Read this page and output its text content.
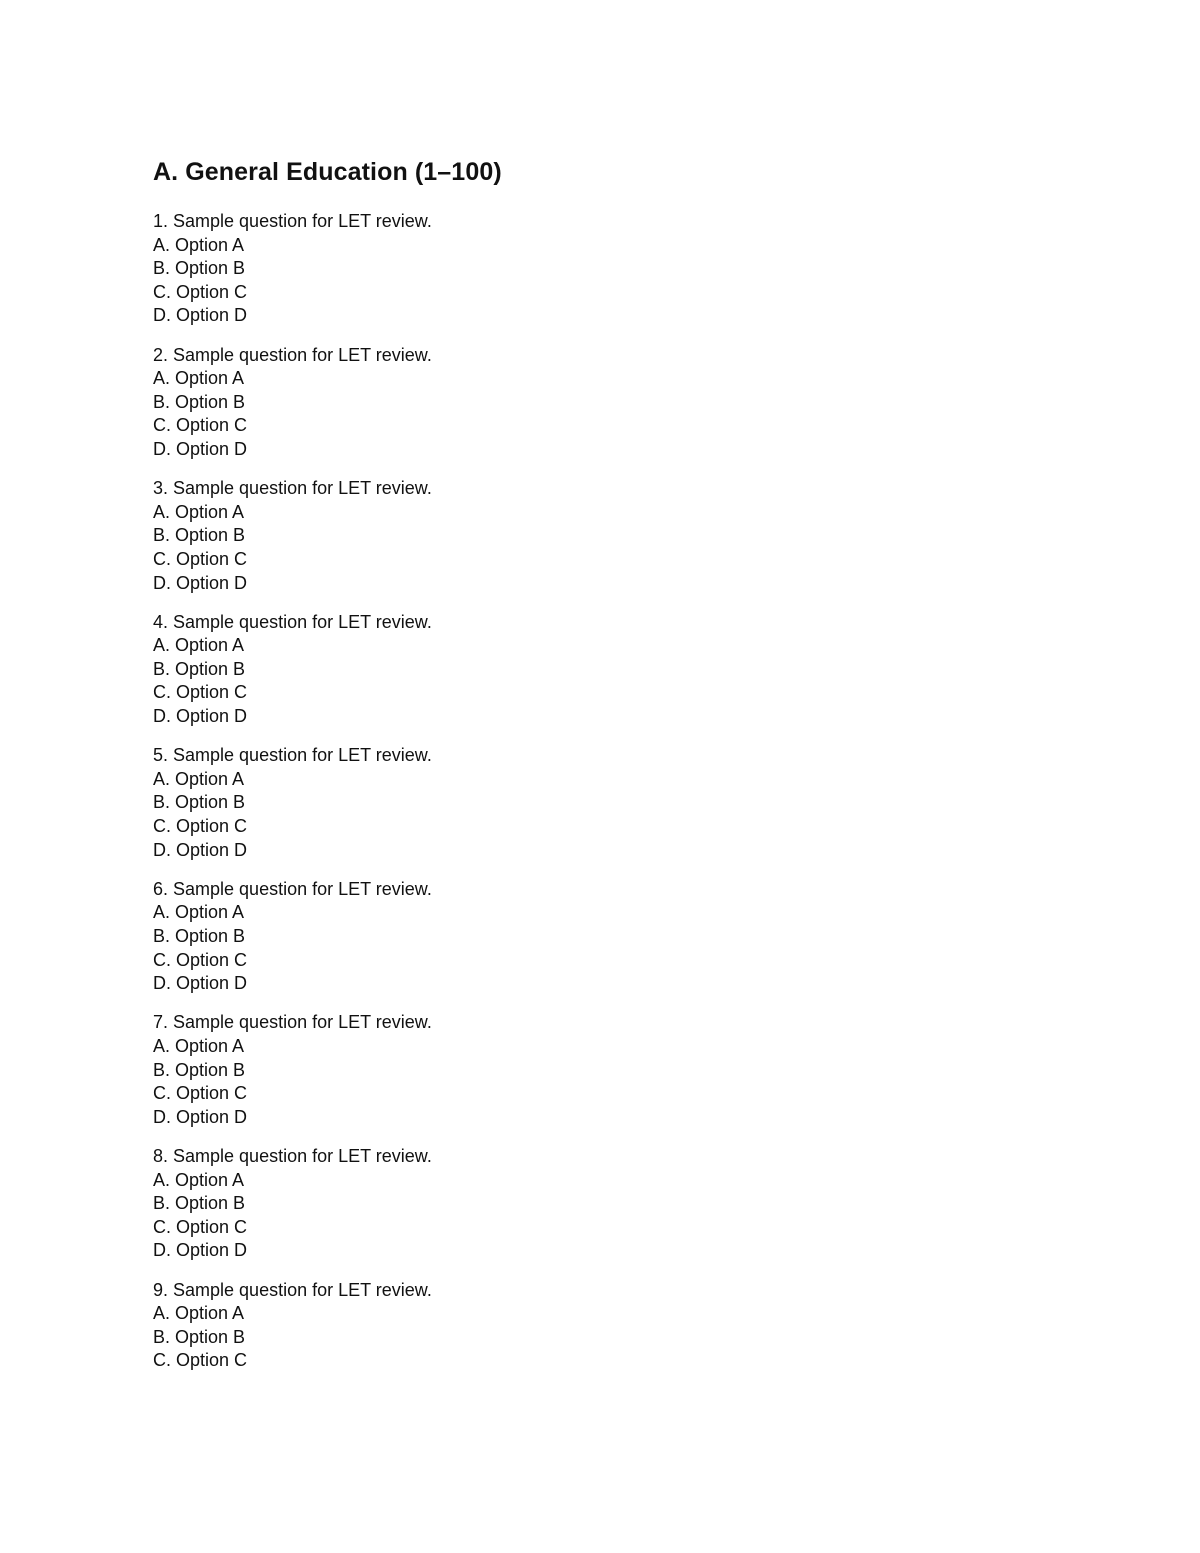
A. General Education (1–100)
1. Sample question for LET review.
A. Option A
B. Option B
C. Option C
D. Option D
2. Sample question for LET review.
A. Option A
B. Option B
C. Option C
D. Option D
3. Sample question for LET review.
A. Option A
B. Option B
C. Option C
D. Option D
4. Sample question for LET review.
A. Option A
B. Option B
C. Option C
D. Option D
5. Sample question for LET review.
A. Option A
B. Option B
C. Option C
D. Option D
6. Sample question for LET review.
A. Option A
B. Option B
C. Option C
D. Option D
7. Sample question for LET review.
A. Option A
B. Option B
C. Option C
D. Option D
8. Sample question for LET review.
A. Option A
B. Option B
C. Option C
D. Option D
9. Sample question for LET review.
A. Option A
B. Option B
C. Option C
